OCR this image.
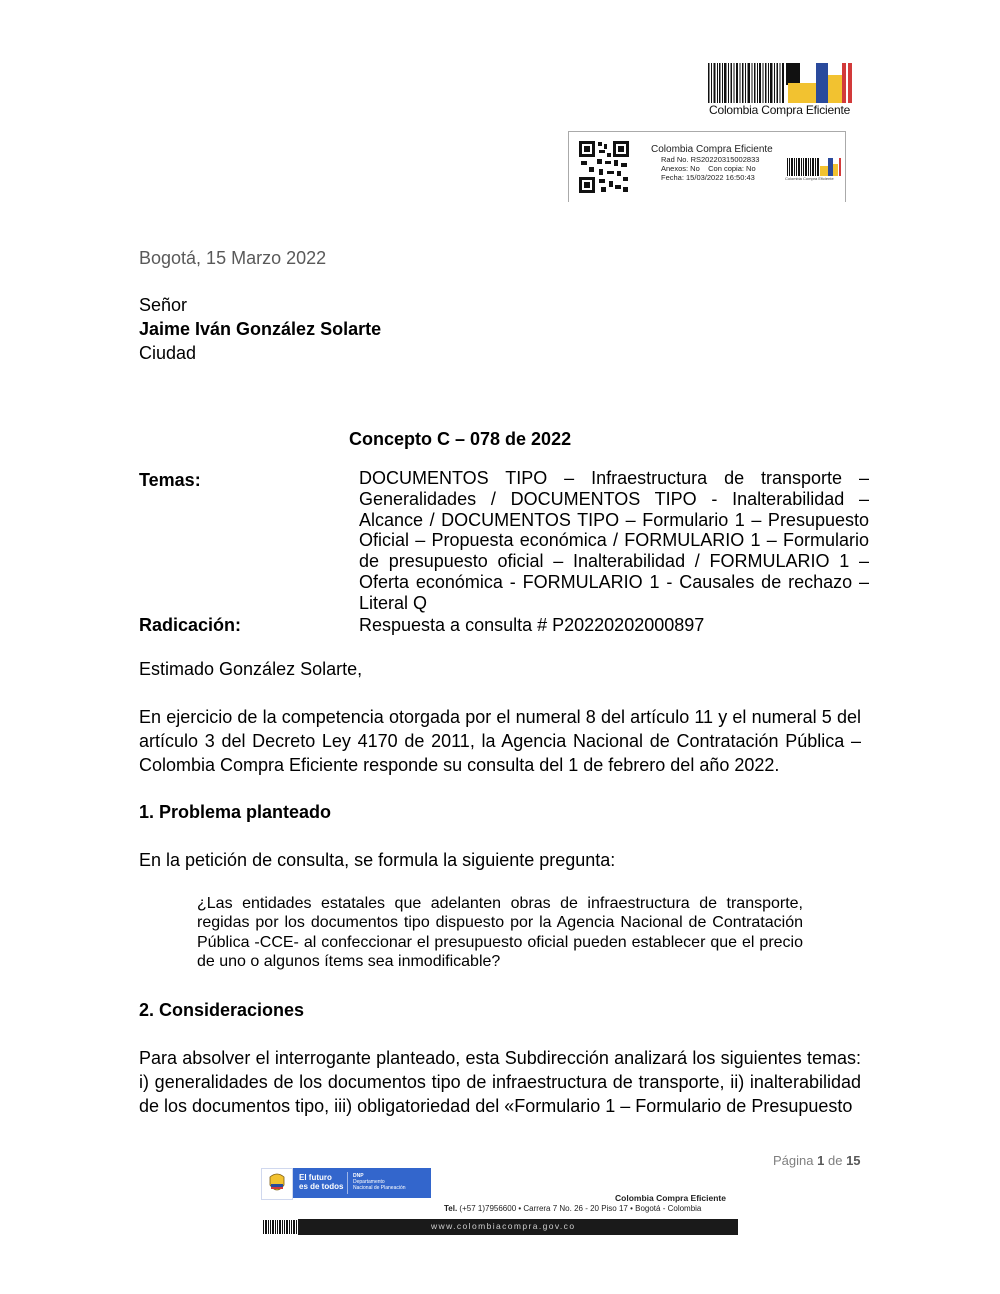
Colombia Compra Eficiente
Colombia Compra Eficiente
Rad No. RS20220315002833
Anexos: No    Con copia: No
Fecha: 15/03/2022 16:50:43	Colombia Compra Eficiente
Bogotá, 15 Marzo 2022
Señor
Jaime Iván González Solarte
Ciudad
Concepto C – 078 de 2022
Temas:	DOCUMENTOS TIPO – Infraestructura de transporte – Generalidades / DOCUMENTOS TIPO - Inalterabilidad – Alcance / DOCUMENTOS TIPO – Formulario 1 – Presupuesto Oficial – Propuesta económica / FORMULARIO 1 – Formulario de presupuesto oficial – Inalterabilidad / FORMULARIO 1 – Oferta económica - FORMULARIO 1 - Causales de rechazo – Literal Q
Radicación:	Respuesta a consulta # P20220202000897
Estimado González Solarte,
En ejercicio de la competencia otorgada por el numeral 8 del artículo 11 y el numeral 5 del artículo 3 del Decreto Ley 4170 de 2011, la Agencia Nacional de Contratación Pública – Colombia Compra Eficiente responde su consulta del 1 de febrero del año 2022.
1. Problema planteado
En la petición de consulta, se formula la siguiente pregunta:
¿Las entidades estatales que adelanten obras de infraestructura de transporte, regidas por los documentos tipo dispuesto por la Agencia Nacional de Contratación Pública -CCE- al confeccionar el presupuesto oficial pueden establecer que el precio de uno o algunos ítems sea inmodificable?
2. Consideraciones
Para absolver el interrogante planteado, esta Subdirección analizará los siguientes temas: i) generalidades de los documentos tipo de infraestructura de transporte, ii) inalterabilidad de los documentos tipo, iii) obligatoriedad del «Formulario 1 – Formulario de Presupuesto
Página 1 de 15
El futuro
es de todos
DNP
Departamento
Nacional de Planeación
Colombia Compra Eficiente
Tel. (+57 1)7956600 • Carrera 7 No. 26 - 20 Piso 17 • Bogotá - Colombia
www.colombiacompra.gov.co
